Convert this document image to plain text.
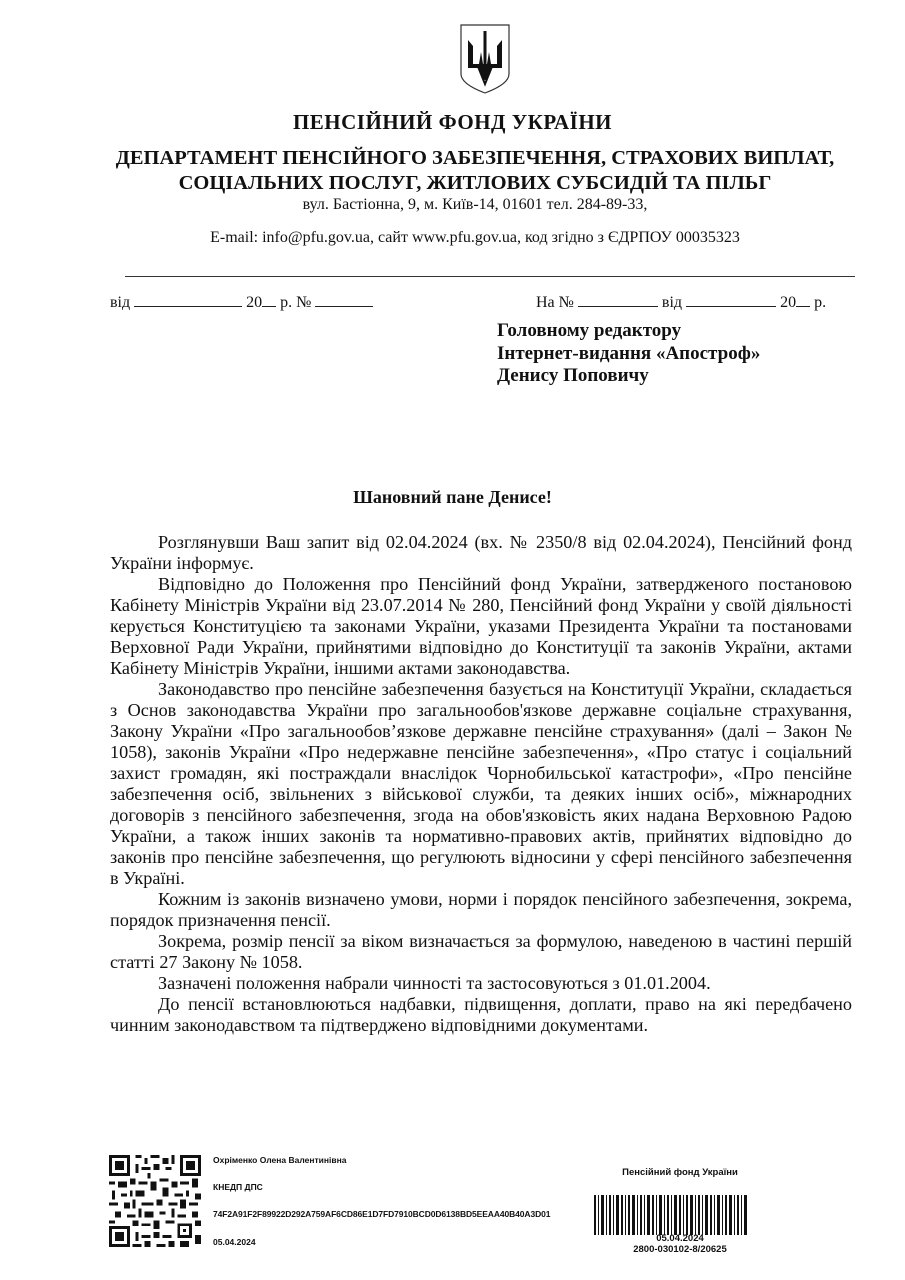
ПЕНСІЙНИЙ ФОНД УКРАЇНИ
ДЕПАРТАМЕНТ ПЕНСІЙНОГО ЗАБЕЗПЕЧЕННЯ, СТРАХОВИХ ВИПЛАТ,
СОЦІАЛЬНИХ ПОСЛУГ, ЖИТЛОВИХ СУБСИДІЙ ТА ПІЛЬГ
вул. Бастіонна, 9, м. Київ-14, 01601 тел. 284-89-33,
E-mail: info@pfu.gov.ua, сайт www.pfu.gov.ua, код згідно з ЄДРПОУ 00035323
від	20 р. №	На №	від	20 р.
Головному редактору
Інтернет-видання «Апостроф»
Денису Поповичу
Шановний пане Денисе!

Розглянувши Ваш запит від 02.04.2024 (вх. № 2350/8 від 02.04.2024), Пенсійний фонд України інформує.

Відповідно до Положення про Пенсійний фонд України, затвердженого постановою Кабінету Міністрів України від 23.07.2014 № 280, Пенсійний фонд України у своїй діяльності керується Конституцією та законами України, указами Президента України та постановами Верховної Ради України, прийнятими відповідно до Конституції та законів України, актами Кабінету Міністрів України, іншими актами законодавства.

Законодавство про пенсійне забезпечення базується на Конституції України, складається з Основ законодавства України про загальнообов'язкове державне соціальне страхування, Закону України «Про загальнообов’язкове державне пенсійне страхування» (далі – Закон № 1058), законів України «Про недержавне пенсійне забезпечення», «Про статус і соціальний захист громадян, які постраждали внаслідок Чорнобильської катастрофи», «Про пенсійне забезпечення осіб, звільнених з військової служби, та деяких інших осіб», міжнародних договорів з пенсійного забезпечення, згода на обов'язковість яких надана Верховною Радою України, а також інших законів та нормативно-правових актів, прийнятих відповідно до законів про пенсійне забезпечення, що регулюють відносини у сфері пенсійного забезпечення в Україні.

Кожним із законів визначено умови, норми і порядок пенсійного забезпечення, зокрема, порядок призначення пенсії.

Зокрема, розмір пенсії за віком визначається за формулою, наведеною в частині першій статті 27 Закону № 1058.

Зазначені положення набрали чинності та застосовуються з 01.01.2004.

До пенсії встановлюються надбавки, підвищення, доплати, право на які передбачено чинним законодавством та підтверджено відповідними документами.

Охріменко Олена Валентинівна
КНЕДП ДПС
74F2A91F2F89922D292A759AF6CD86E1D7FD7910BCD0D6138BD5EEAA40B40A3D01
05.04.2024
Пенсійний фонд України
05.04.2024
2800-030102-8/20625
